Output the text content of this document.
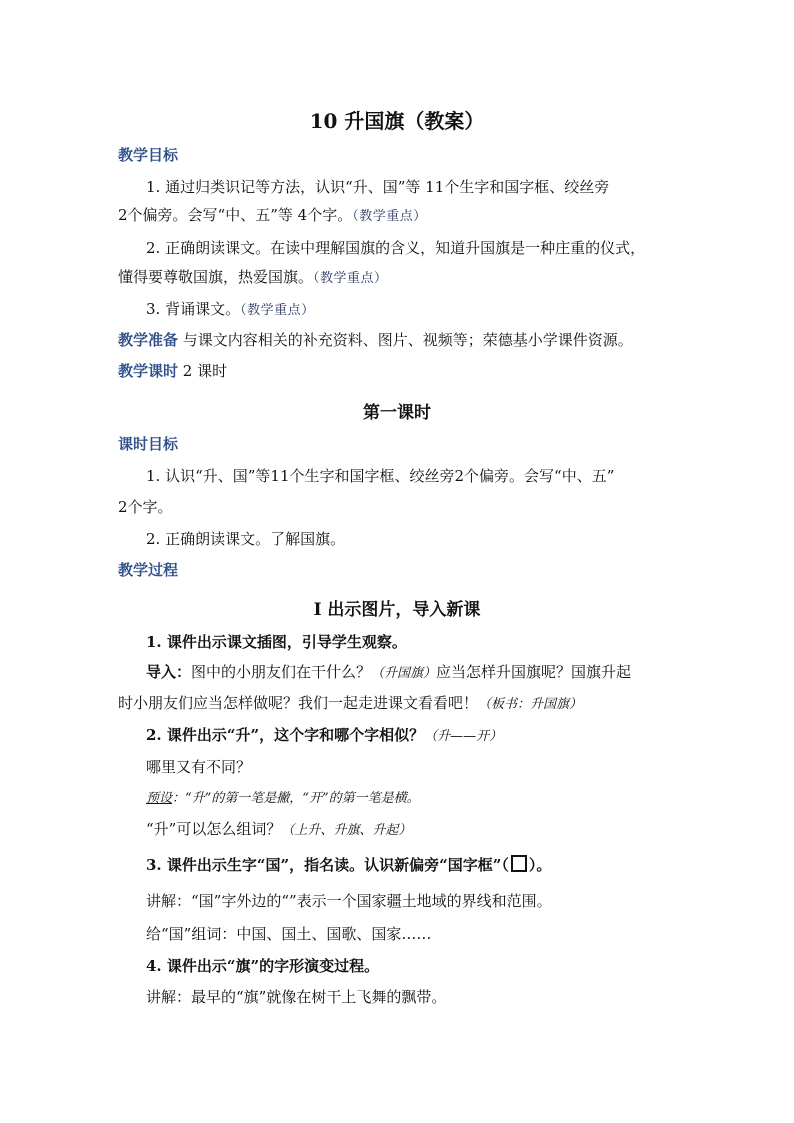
10 升国旗（教案）
教学目标
1. 通过归类识记等方法，认识“升、国”等 11个生字和国字框、绞丝旁
2个偏旁。会写“中、五”等 4个字。（教学重点）
2. 正确朗读课文。在读中理解国旗的含义，知道升国旗是一种庄重的仪式，
懂得要尊敬国旗，热爱国旗。（教学重点）
3. 背诵课文。（教学重点）
教学准备 与课文内容相关的补充资料、图片、视频等；荣德基小学课件资源。
教学课时 2 课时
第一课时
课时目标
1. 认识“升、国”等11个生字和国字框、绞丝旁2个偏旁。会写“中、五”
2个字。
2. 正确朗读课文。了解国旗。
教学过程
Ⅰ 出示图片，导入新课
1. 课件出示课文插图，引导学生观察。
导入：图中的小朋友们在干什么？（升国旗）应当怎样升国旗呢？国旗升起
时小朋友们应当怎样做呢？我们一起走进课文看看吧！（板书：升国旗）
2. 课件出示“升”，这个字和哪个字相似？（升——开）
哪里又有不同？
预设：“升”的第一笔是撇，“开”的第一笔是横。
“升”可以怎么组词？（上升、升旗、升起）
3. 课件出示生字“国”，指名读。认识新偏旁“国字框”（ ）。
讲解：“国”字外边的“”表示一个国家疆土地域的界线和范围。
给“国”组词：中国、国土、国歌、国家……
4. 课件出示“旗”的字形演变过程。
讲解：最早的“旗”就像在树干上飞舞的飘带。
